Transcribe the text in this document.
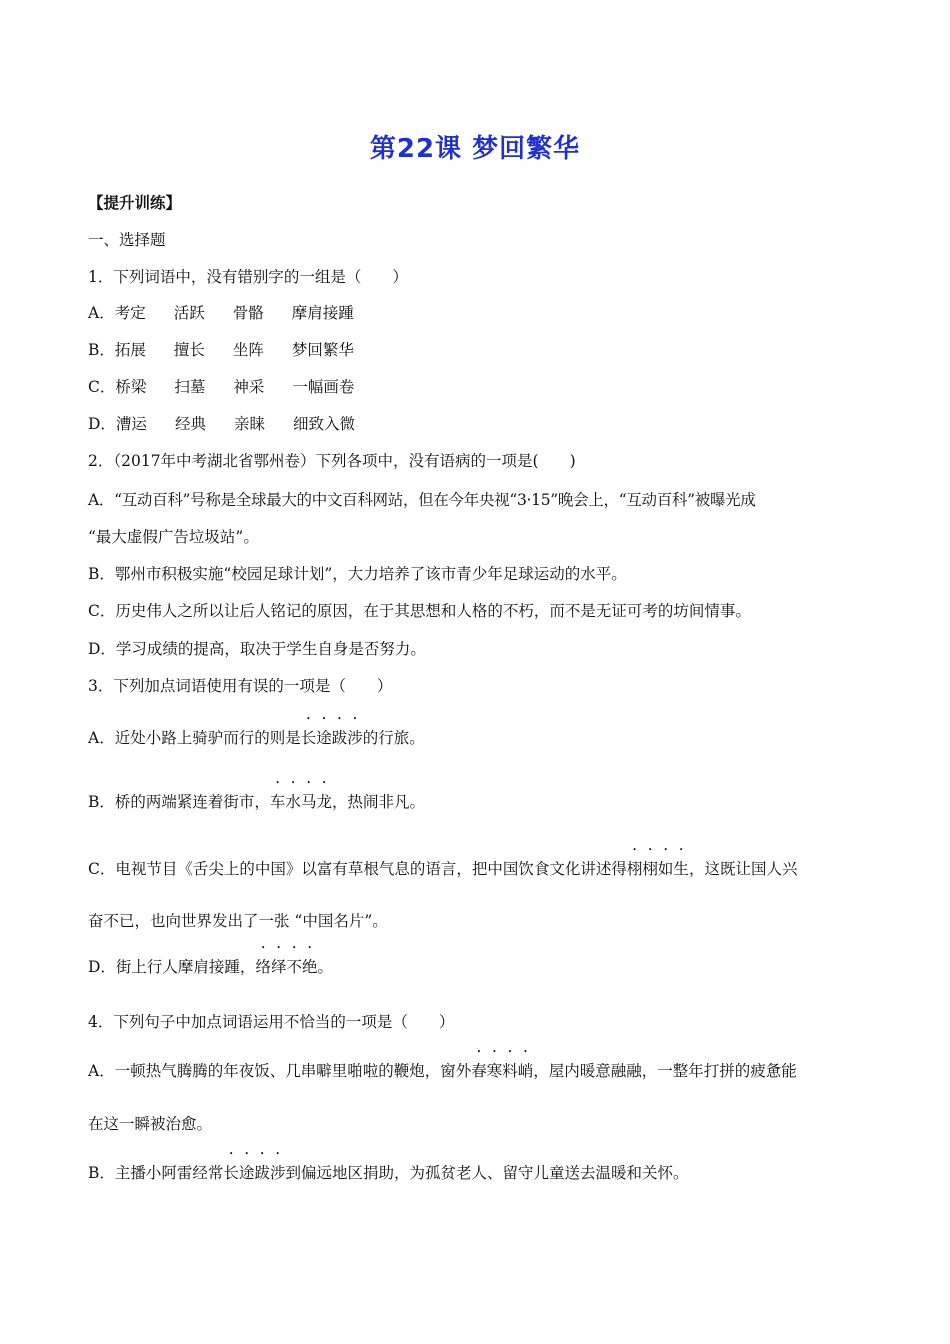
第22课 梦回繁华
【提升训练】
一、选择题
1．下列词语中，没有错别字的一组是（　　）
A．考定 活跃 骨骼 摩肩接踵
B．拓展 擅长 坐阵 梦回繁华
C．桥梁 扫墓 神采 一幅画卷
D．漕运 经典 亲睐 细致入微
2．（2017年中考湖北省鄂州卷）下列各项中，没有语病的一项是(　　)
A．“互动百科”号称是全球最大的中文百科网站，但在今年央视“3·15”晚会上，“互动百科”被曝光成
“最大虚假广告垃圾站”。
B．鄂州市积极实施“校园足球计划”，大力培养了该市青少年足球运动的水平。
C．历史伟人之所以让后人铭记的原因，在于其思想和人格的不朽，而不是无证可考的坊间情事。
D．学习成绩的提高，取决于学生自身是否努力。
3．下列加点词语使用有误的一项是（　　）
A．近处小路上骑驴而行的则是长途跋涉的行旅。
B．桥的两端紧连着街市，车水马龙，热闹非凡。
C．电视节目《舌尖上的中国》以富有草根气息的语言，把中国饮食文化讲述得栩栩如生，这既让国人兴
奋不已，也向世界发出了一张 “中国名片”。
D．街上行人摩肩接踵，络绎不绝。
4．下列句子中加点词语运用不恰当的一项是（　　）
A．一顿热气腾腾的年夜饭、几串噼里啪啦的鞭炮，窗外春寒料峭，屋内暖意融融，一整年打拼的疲惫能
在这一瞬被治愈。
B．主播小阿雷经常长途跋涉到偏远地区捐助，为孤贫老人、留守儿童送去温暖和关怀。
